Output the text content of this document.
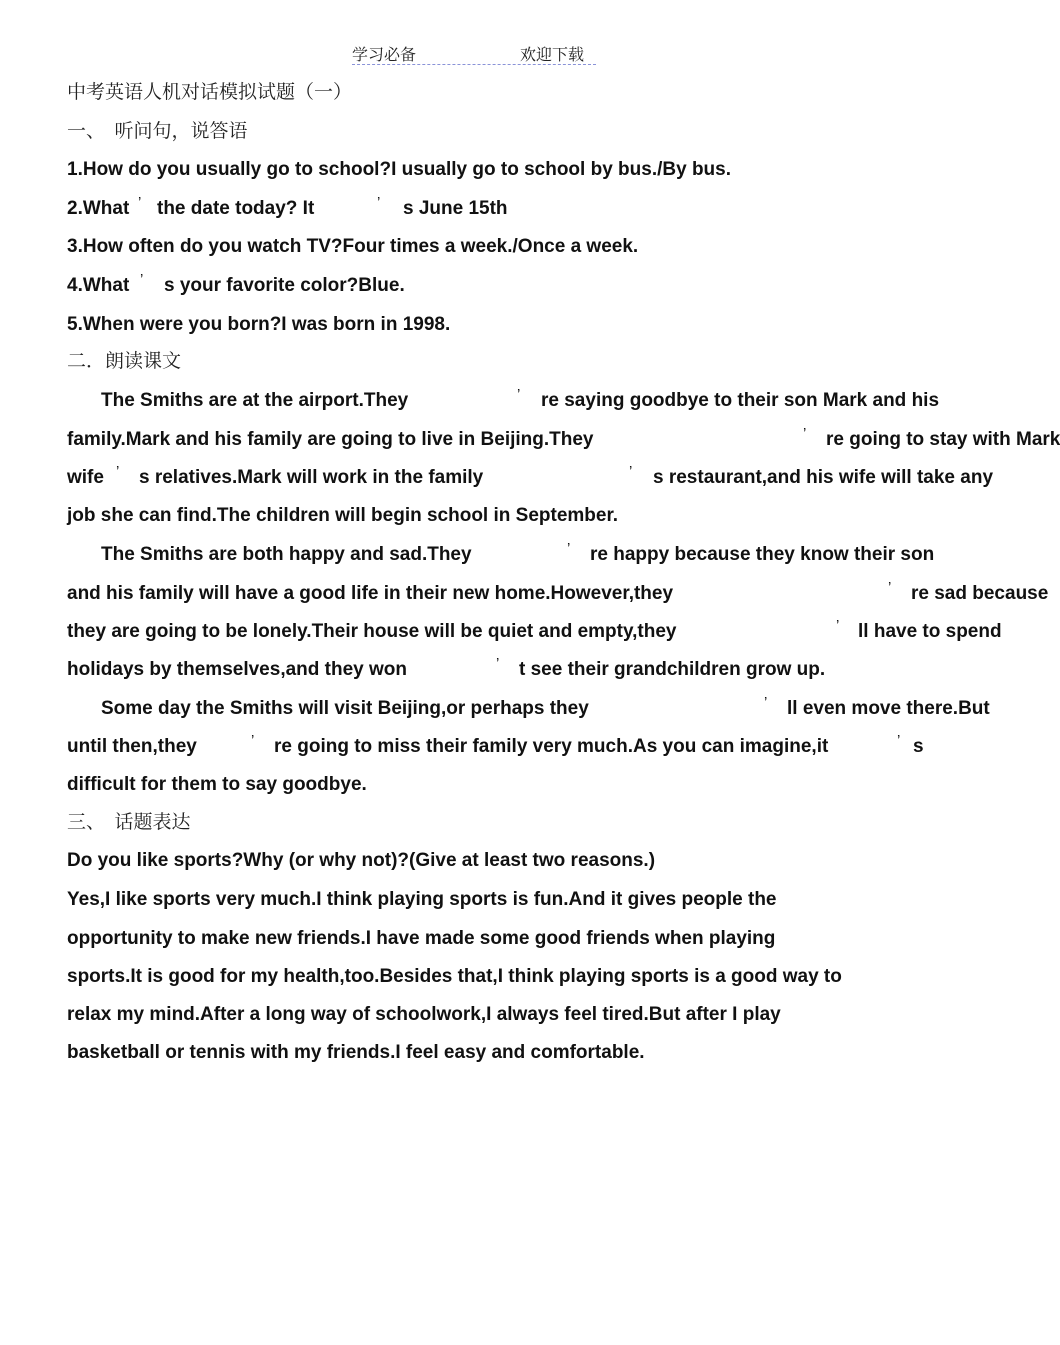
学习必备	欢迎下载
中考英语人机对话模拟试题（一）
一、　听问句，说答语
1.How do you usually go to school?I usually go to school by bus./By bus.
2.What ’ the date today? It	’ s June 15th
3.How often do you watch TV?Four times a week./Once a week.
4.What ’ s your favorite color?Blue.
5.When were you born?I was born in 1998.
二．朗读课文
The Smiths are at the airport.They	’ re saying goodbye to their son Mark and his
family.Mark and his family are going to live in Beijing.They	’ re going to stay with Mark
wife ’ s relatives.Mark will work in the family	’ s restaurant,and his wife will take any
job she can find.The children will begin school in September.
The Smiths are both happy and sad.They	’ re happy because they know their son
and his family will have a good life in their new home.However,they	’ re sad because
they are going to be lonely.Their house will be quiet and empty,they	’ ll have to spend
holidays by themselves,and they won	’ t see their grandchildren grow up.
Some day the Smiths will visit Beijing,or perhaps they	’ ll even move there.But
until then,they	’ re going to miss their family very much.As you can imagine,it	’ s
difficult for them to say goodbye.
三、　话题表达
Do you like sports?Why (or why not)?(Give at least two reasons.)
Yes,I like sports very much.I think playing sports is fun.And it gives people the
opportunity to make new friends.I have made some good friends when playing
sports.It is good for my health,too.Besides that,I think playing sports is a good way to
relax my mind.After a long way of schoolwork,I always feel tired.But after I play
basketball or tennis with my friends.I feel easy and comfortable.
